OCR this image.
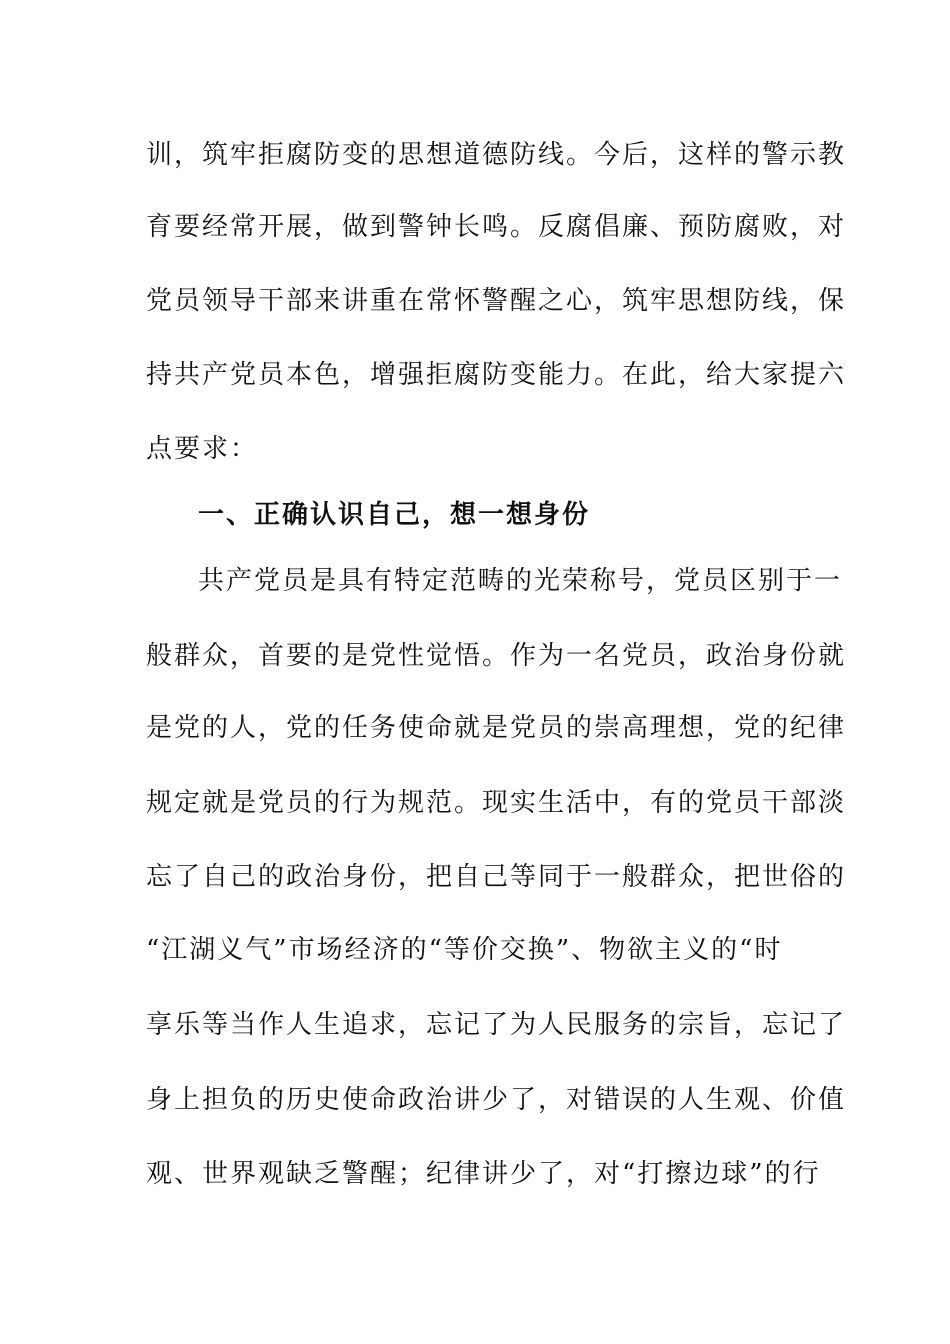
训，筑牢拒腐防变的思想道德防线。今后，这样的警示教
育要经常开展，做到警钟长鸣。反腐倡廉、预防腐败，对
党员领导干部来讲重在常怀警醒之心，筑牢思想防线，保
持共产党员本色，增强拒腐防变能力。在此，给大家提六
点要求：
一、正确认识自己，想一想身份
共产党员是具有特定范畴的光荣称号，党员区别于一
般群众，首要的是党性觉悟。作为一名党员，政治身份就
是党的人，党的任务使命就是党员的崇高理想，党的纪律
规定就是党员的行为规范。现实生活中，有的党员干部淡
忘了自己的政治身份，把自己等同于一般群众，把世俗的
“江湖义气”市场经济的“等价交换”、物欲主义的“时
享乐等当作人生追求，忘记了为人民服务的宗旨，忘记了
身上担负的历史使命政治讲少了，对错误的人生观、价值
观、世界观缺乏警醒；纪律讲少了，对“打擦边球”的行
